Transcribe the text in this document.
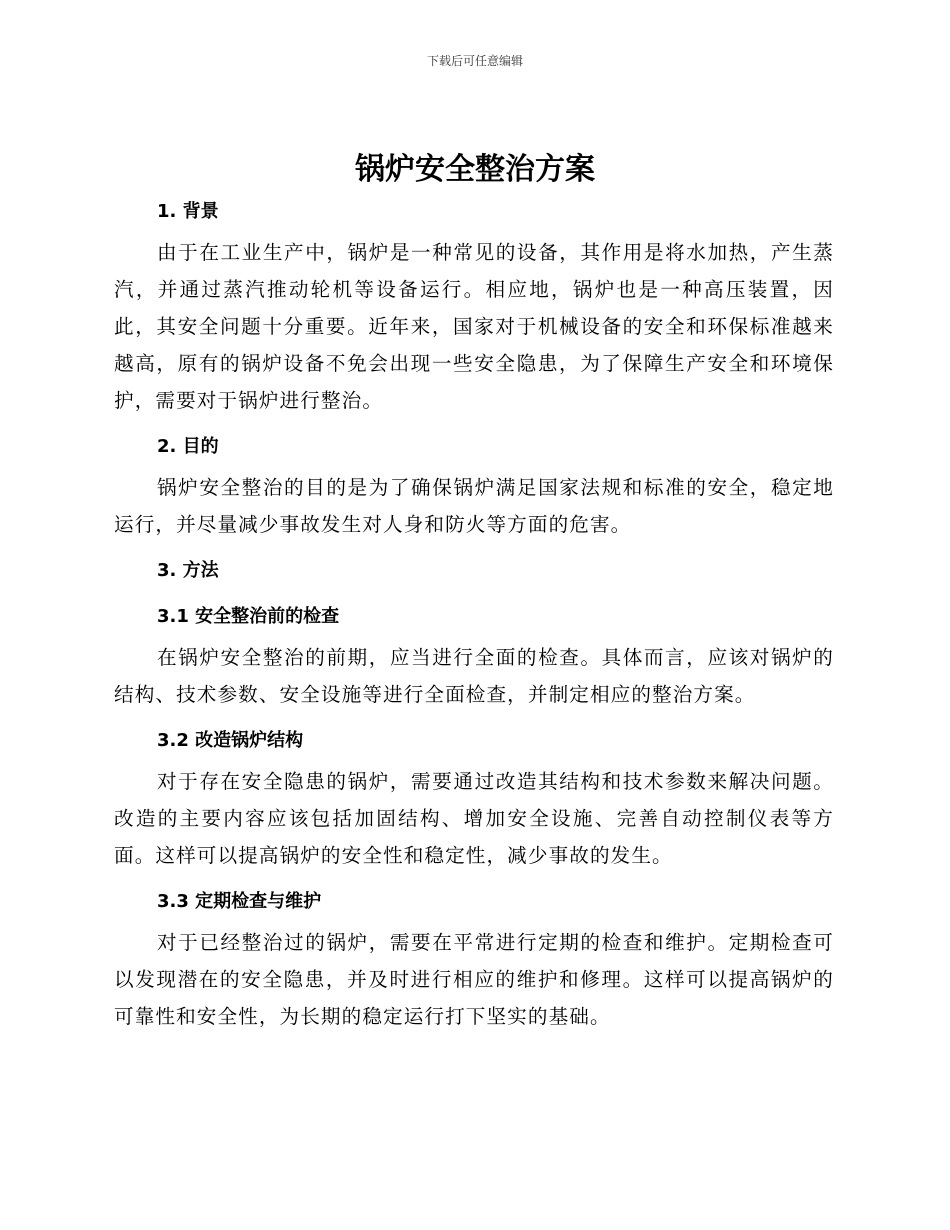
下载后可任意编辑
锅炉安全整治方案
1. 背景

由于在工业生产中，锅炉是一种常见的设备，其作用是将水加热，产生蒸汽，并通过蒸汽推动轮机等设备运行。相应地，锅炉也是一种高压装置，因此，其安全问题十分重要。近年来，国家对于机械设备的安全和环保标准越来越高，原有的锅炉设备不免会出现一些安全隐患，为了保障生产安全和环境保护，需要对于锅炉进行整治。

2. 目的

锅炉安全整治的目的是为了确保锅炉满足国家法规和标准的安全，稳定地运行，并尽量减少事故发生对人身和防火等方面的危害。

3. 方法
3.1 安全整治前的检查

在锅炉安全整治的前期，应当进行全面的检查。具体而言，应该对锅炉的结构、技术参数、安全设施等进行全面检查，并制定相应的整治方案。

3.2 改造锅炉结构

对于存在安全隐患的锅炉，需要通过改造其结构和技术参数来解决问题。改造的主要内容应该包括加固结构、增加安全设施、完善自动控制仪表等方面。这样可以提高锅炉的安全性和稳定性，减少事故的发生。

3.3 定期检查与维护

对于已经整治过的锅炉，需要在平常进行定期的检查和维护。定期检查可以发现潜在的安全隐患，并及时进行相应的维护和修理。这样可以提高锅炉的可靠性和安全性，为长期的稳定运行打下坚实的基础。
